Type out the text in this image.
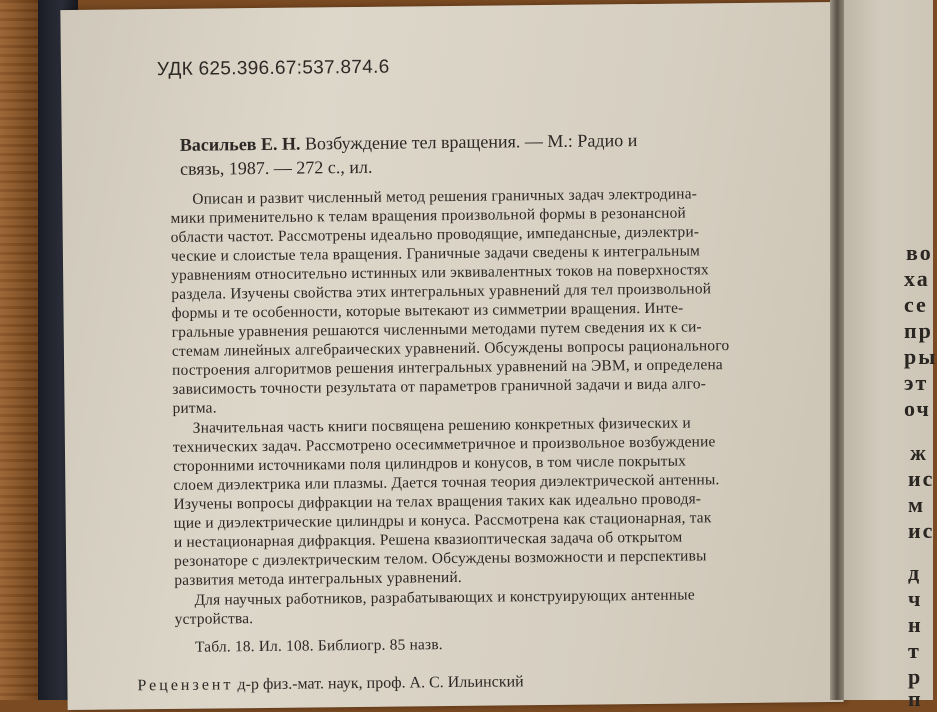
УДК 625.396.67:537.874.6
Васильев Е. Н. Возбуждение тел вращения. — М.: Радио и
связь, 1987. — 272 с., ил.
Описан и развит численный метод решения граничных задач электродина-
мики применительно к телам вращения произвольной формы в резонансной
области частот. Рассмотрены идеально проводящие, импедансные, диэлектри-
ческие и слоистые тела вращения. Граничные задачи сведены к интегральным
уравнениям относительно истинных или эквивалентных токов на поверхностях
раздела. Изучены свойства этих интегральных уравнений для тел произвольной
формы и те особенности, которые вытекают из симметрии вращения. Инте-
гральные уравнения решаются численными методами путем сведения их к си-
стемам линейных алгебраических уравнений. Обсуждены вопросы рационального
построения алгоритмов решения интегральных уравнений на ЭВМ, и определена
зависимость точности результата от параметров граничной задачи и вида алго-
ритма.
Значительная часть книги посвящена решению конкретных физических и
технических задач. Рассмотрено осесимметричное и произвольное возбуждение
сторонними источниками поля цилиндров и конусов, в том числе покрытых
слоем диэлектрика или плазмы. Дается точная теория диэлектрической антенны.
Изучены вопросы дифракции на телах вращения таких как идеально проводя-
щие и диэлектрические цилиндры и конуса. Рассмотрена как стационарная, так
и нестационарная дифракция. Решена квазиоптическая задача об открытом
резонаторе с диэлектрическим телом. Обсуждены возможности и перспективы
развития метода интегральных уравнений.
Для научных работников, разрабатывающих и конструирующих антенные
устройства.
Табл. 18. Ил. 108. Библиогр. 85 назв.
Рецензент д-р физ.-мат. наук, проф. А. С. Ильинский
во
ха
се
пр
ры
эт
оч
ж
ис
м
ис
д
ч
н
т
р
п
